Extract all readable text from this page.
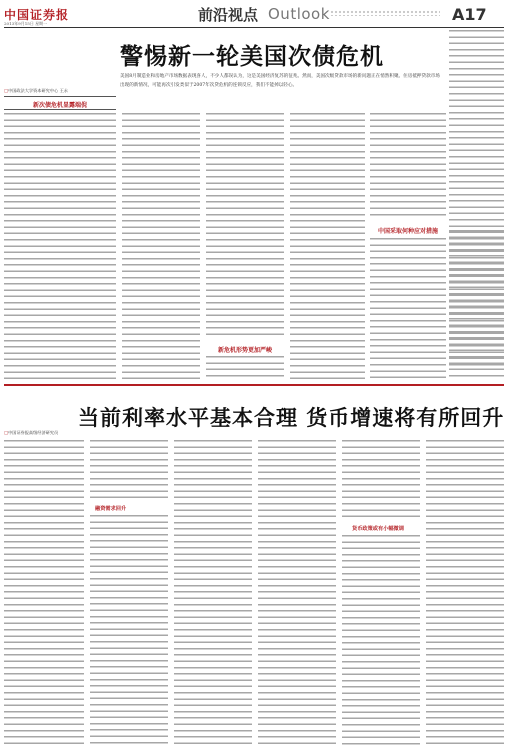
中国证券报
2013年9月15日 星期一	前沿视点 Outlook	A17
警惕新一轮美国次债危机
美国8月制造业和房地产市场数据表现喜人，不少人都误认为，这是美国经济复苏的征兆。然而，美国次级贷款市场的新问题正在悄然积聚。住房抵押贷款市场出现的新情况，可能再次引发类似于2007年次贷危机的连锁反应，我们不能掉以轻心。
□中国政法大学资本研究中心 王永
新次债危机显露端倪
新危机形势更加严峻
中国采取何种应对措施
当前利率水平基本合理 货币增速将有所回升
□中国证券报高级经济研究员
融资需求回升
货币政策或有小幅微调
